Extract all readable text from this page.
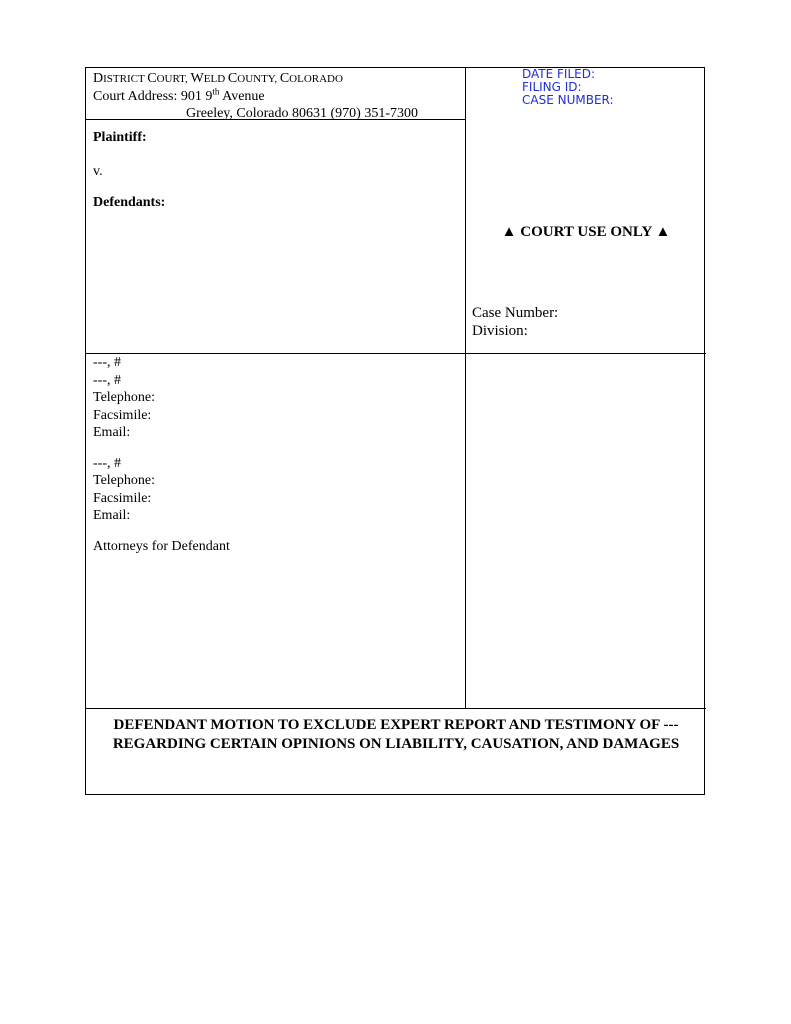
DISTRICT COURT, WELD COUNTY, COLORADO
Court Address: 901 9th Avenue
Greeley, Colorado 80631 (970) 351-7300
DATE FILED:
FILING ID:
CASE NUMBER:
Plaintiff:
v.
Defendants:
▲ COURT USE ONLY ▲
Case Number:
Division:
---, #
---, #
Telephone:
Facsimile:
Email:
---, #
Telephone:
Facsimile:
Email:
Attorneys for Defendant
DEFENDANT MOTION TO EXCLUDE EXPERT REPORT AND TESTIMONY OF ---
REGARDING CERTAIN OPINIONS ON LIABILITY, CAUSATION, AND DAMAGES
